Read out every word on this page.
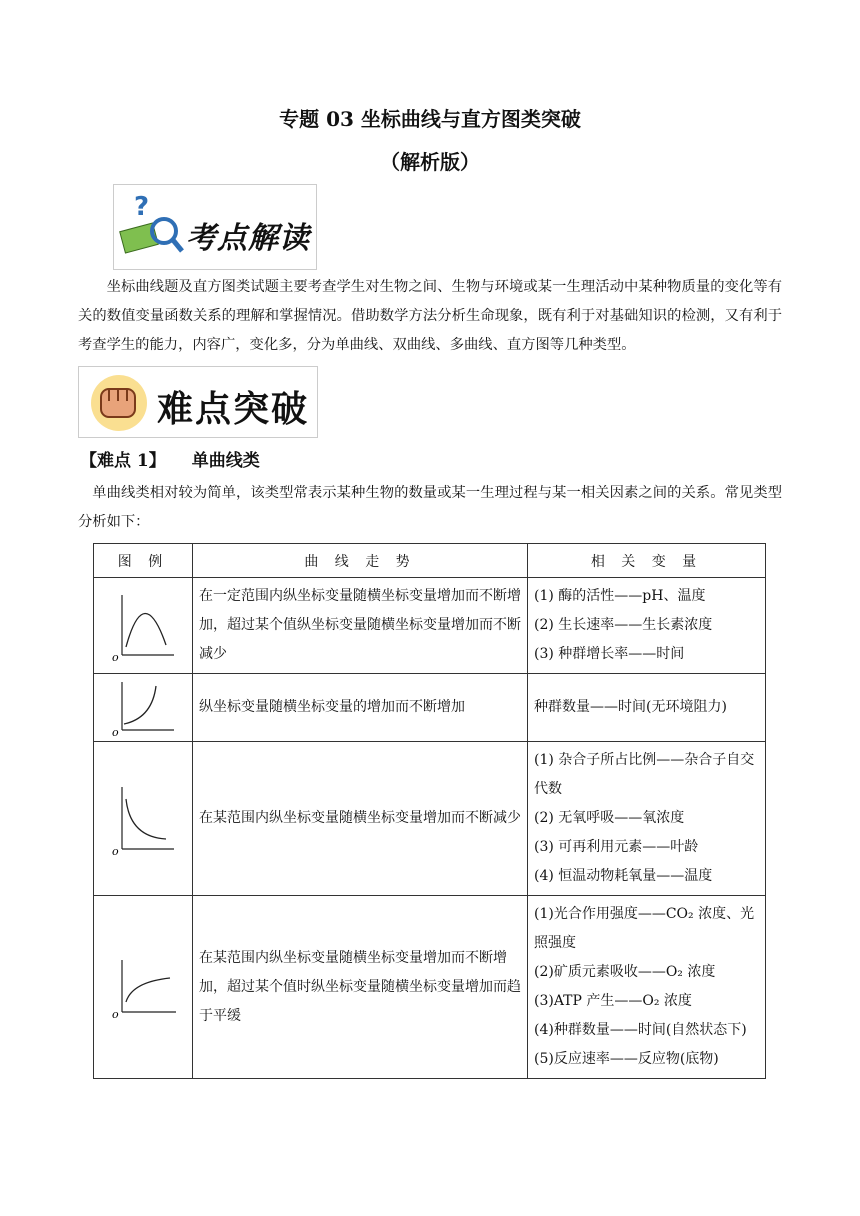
专题 03 坐标曲线与直方图类突破
（解析版）
?
考点解读
坐标曲线题及直方图类试题主要考查学生对生物之间、生物与环境或某一生理活动中某种物质量的变化等有关的数值变量函数关系的理解和掌握情况。借助数学方法分析生命现象，既有利于对基础知识的检测，又有利于考查学生的能力，内容广，变化多，分为单曲线、双曲线、多曲线、直方图等几种类型。
难点突破
【难点 1】 单曲线类
单曲线类相对较为简单，该类型常表示某种生物的数量或某一生理过程与某一相关因素之间的关系。常见类型分析如下：
图 例	曲 线 走 势	相 关 变 量

o	在一定范围内纵坐标变量随横坐标变量增加而不断增加，超过某个值纵坐标变量随横坐标变量增加而不断减少	(1) 酶的活性——pH、温度
(2) 生长速率——生长素浓度
(3) 种群增长率——时间

o	纵坐标变量随横坐标变量的增加而不断增加	种群数量——时间(无环境阻力)

o	在某范围内纵坐标变量随横坐标变量增加而不断减少	(1) 杂合子所占比例——杂合子自交代数
(2) 无氧呼吸——氧浓度
(3) 可再利用元素——叶龄
(4) 恒温动物耗氧量——温度

o	在某范围内纵坐标变量随横坐标变量增加而不断增加，超过某个值时纵坐标变量随横坐标变量增加而趋于平缓	(1)光合作用强度——CO₂ 浓度、光照强度
(2)矿质元素吸收——O₂ 浓度
(3)ATP 产生——O₂ 浓度
(4)种群数量——时间(自然状态下)
(5)反应速率——反应物(底物)
